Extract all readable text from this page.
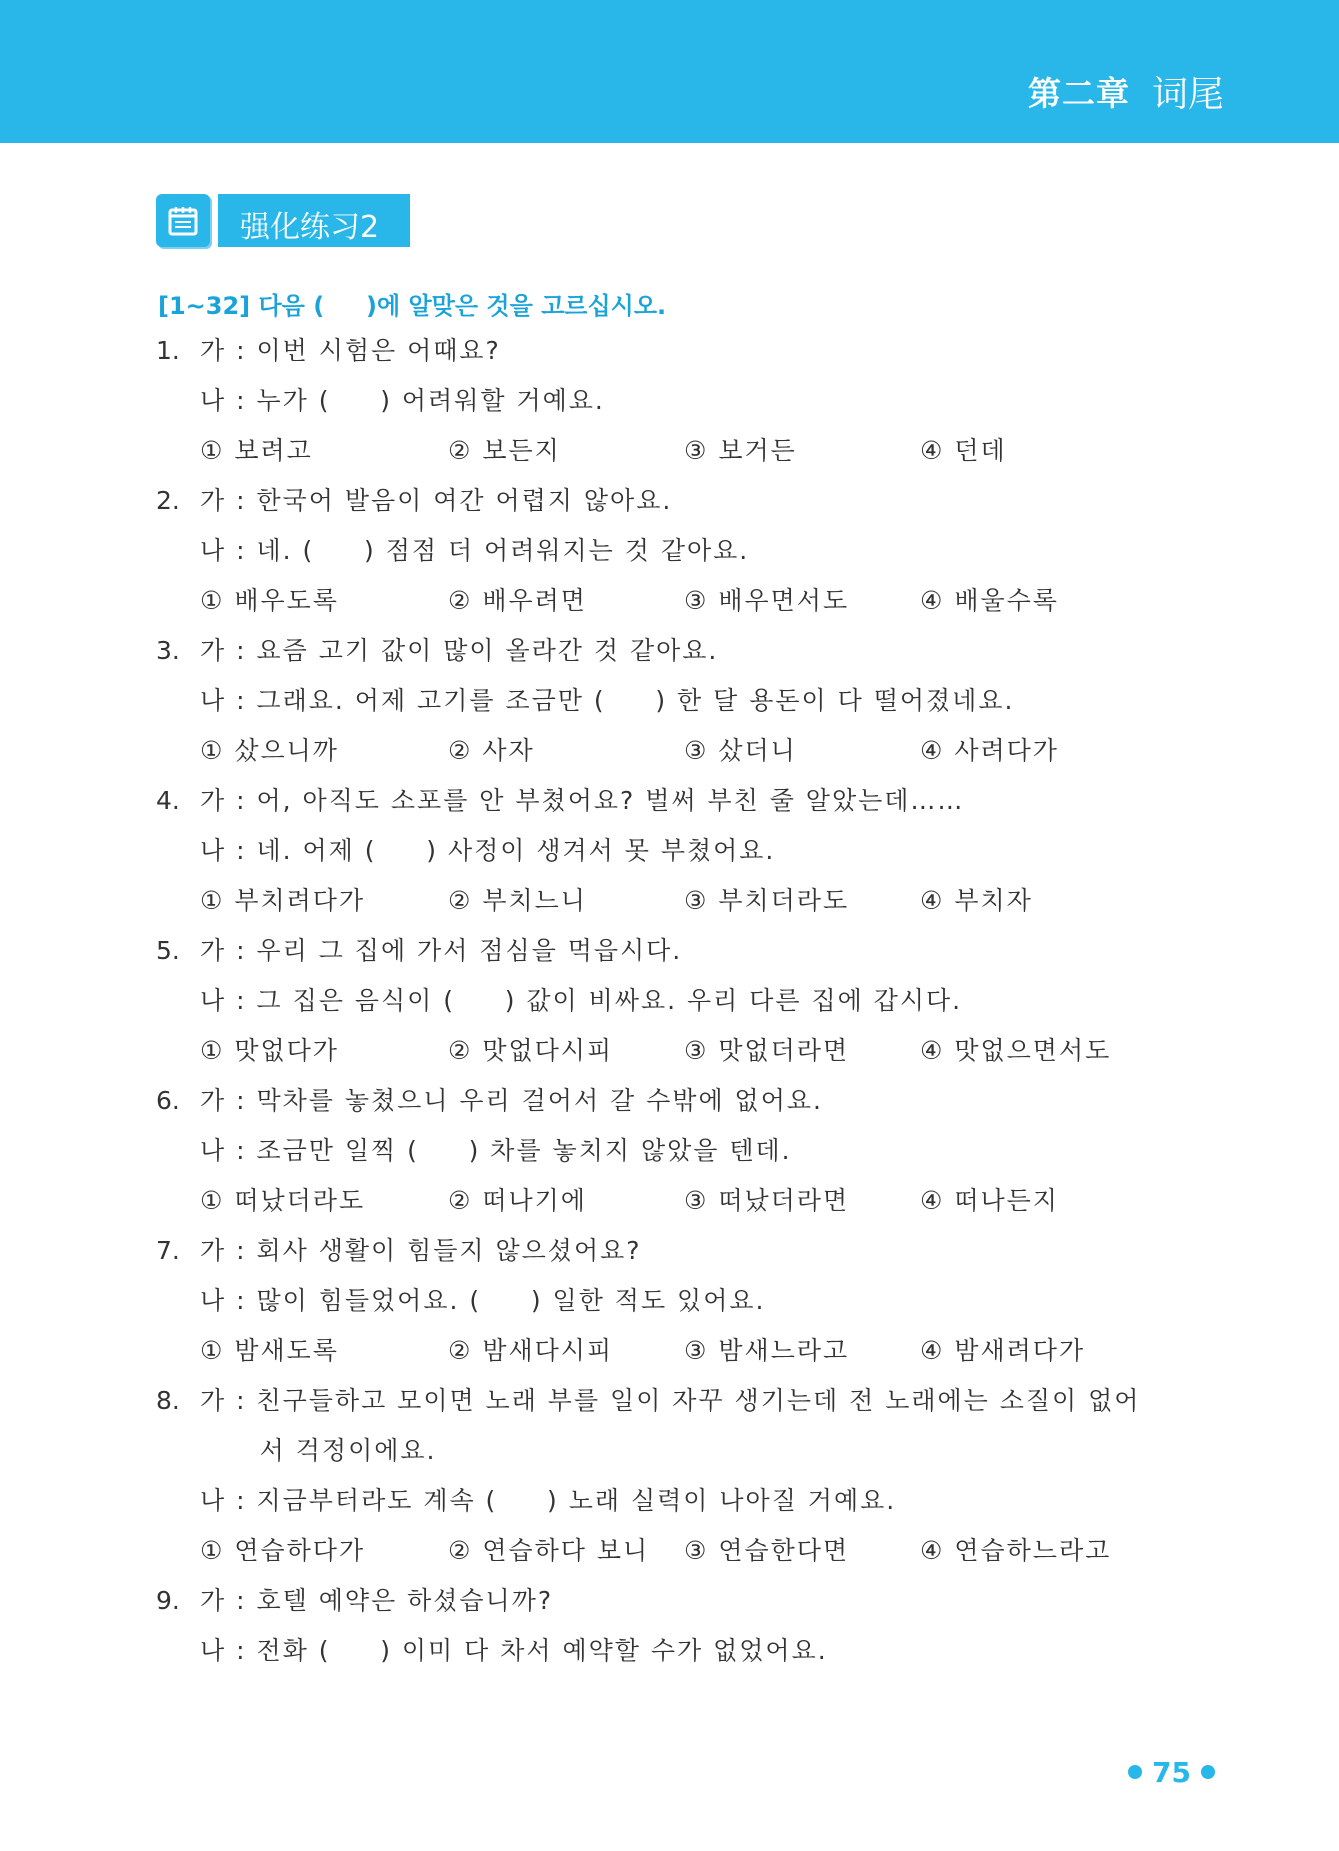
第二章 词尾
强化练习2
[1~32] 다음 (     )에 알맞은 것을 고르십시오.
1. 가 : 이번 시험은 어때요?
나 : 누가 (     ) 어려워할 거예요.
① 보려고	② 보든지	③ 보거든	④ 던데
2. 가 : 한국어 발음이 여간 어렵지 않아요.
나 : 네. (     ) 점점 더 어려워지는 것 같아요.
① 배우도록	② 배우려면	③ 배우면서도	④ 배울수록
3. 가 : 요즘 고기 값이 많이 올라간 것 같아요.
나 : 그래요. 어제 고기를 조금만 (     ) 한 달 용돈이 다 떨어졌네요.
① 샀으니까	② 사자	③ 샀더니	④ 사려다가
4. 가 : 어, 아직도 소포를 안 부쳤어요? 벌써 부친 줄 알았는데……
나 : 네. 어제 (     ) 사정이 생겨서 못 부쳤어요.
① 부치려다가	② 부치느니	③ 부치더라도	④ 부치자
5. 가 : 우리 그 집에 가서 점심을 먹읍시다.
나 : 그 집은 음식이 (     ) 값이 비싸요. 우리 다른 집에 갑시다.
① 맛없다가	② 맛없다시피	③ 맛없더라면	④ 맛없으면서도
6. 가 : 막차를 놓쳤으니 우리 걸어서 갈 수밖에 없어요.
나 : 조금만 일찍 (     ) 차를 놓치지 않았을 텐데.
① 떠났더라도	② 떠나기에	③ 떠났더라면	④ 떠나든지
7. 가 : 회사 생활이 힘들지 않으셨어요?
나 : 많이 힘들었어요. (     ) 일한 적도 있어요.
① 밤새도록	② 밤새다시피	③ 밤새느라고	④ 밤새려다가
8. 가 : 친구들하고 모이면 노래 부를 일이 자꾸 생기는데 전 노래에는 소질이 없어
서 걱정이에요.
나 : 지금부터라도 계속 (     ) 노래 실력이 나아질 거예요.
① 연습하다가	② 연습하다 보니 ③ 연습한다면	④ 연습하느라고
9. 가 : 호텔 예약은 하셨습니까?
나 : 전화 (     ) 이미 다 차서 예약할 수가 없었어요.
75
